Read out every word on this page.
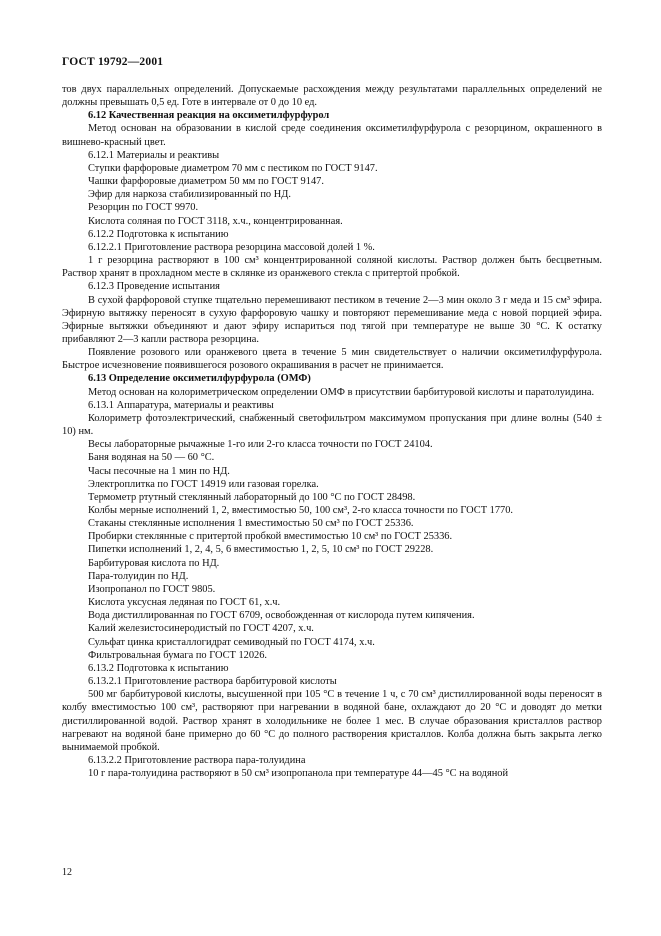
ГОСТ 19792—2001

тов двух параллельных определений. Допускаемые расхождения между результатами параллельных определений не должны превышать 0,5 ед. Готе в интервале от 0 до 10 ед.

6.12 Качественная реакция на оксиметилфурфурол

Метод основан на образовании в кислой среде соединения оксиметилфурфурола с резорцином, окрашенного в вишнево-красный цвет.

6.12.1 Материалы и реактивы

Ступки фарфоровые диаметром 70 мм с пестиком по ГОСТ 9147.

Чашки фарфоровые диаметром 50 мм по ГОСТ 9147.

Эфир для наркоза стабилизированный по НД.

Резорцин по ГОСТ 9970.

Кислота соляная по ГОСТ 3118, х.ч., концентрированная.

6.12.2 Подготовка к испытанию

6.12.2.1 Приготовление раствора резорцина массовой долей 1 %.

1 г резорцина растворяют в 100 см³ концентрированной соляной кислоты. Раствор должен быть бесцветным. Раствор хранят в прохладном месте в склянке из оранжевого стекла с притертой пробкой.

6.12.3 Проведение испытания

В сухой фарфоровой ступке тщательно перемешивают пестиком в течение 2—3 мин около 3 г меда и 15 см³ эфира. Эфирную вытяжку переносят в сухую фарфоровую чашку и повторяют перемешивание меда с новой порцией эфира. Эфирные вытяжки объединяют и дают эфиру испариться под тягой при температуре не выше 30 °С. К остатку прибавляют 2—3 капли раствора резорцина.

Появление розового или оранжевого цвета в течение 5 мин свидетельствует о наличии оксиметилфурфурола. Быстрое исчезновение появившегося розового окрашивания в расчет не принимается.

6.13 Определение оксиметилфурфурола (ОМФ)

Метод основан на колориметрическом определении ОМФ в присутствии барбитуровой кислоты и паратолуидина.

6.13.1 Аппаратура, материалы и реактивы

Колориметр фотоэлектрический, снабженный светофильтром максимумом пропускания при длине волны (540 ± 10) нм.

Весы лабораторные рычажные 1-го или 2-го класса точности по ГОСТ 24104.

Баня водяная на 50 — 60 °С.

Часы песочные на 1 мин по НД.

Электроплитка по ГОСТ 14919 или газовая горелка.

Термометр ртутный стеклянный лабораторный до 100 °С по ГОСТ 28498.

Колбы мерные исполнений 1, 2, вместимостью 50, 100 см³, 2-го класса точности по ГОСТ 1770.

Стаканы стеклянные исполнения 1 вместимостью 50 см³ по ГОСТ 25336.

Пробирки стеклянные с притертой пробкой вместимостью 10 см³ по ГОСТ 25336.

Пипетки исполнений 1, 2, 4, 5, 6 вместимостью 1, 2, 5, 10 см³ по ГОСТ 29228.

Барбитуровая кислота по НД.

Пара-толуидин по НД.

Изопропанол по ГОСТ 9805.

Кислота уксусная ледяная по ГОСТ 61, х.ч.

Вода дистиллированная по ГОСТ 6709, освобожденная от кислорода путем кипячения.

Калий железистосинеродистый по ГОСТ 4207, х.ч.

Сульфат цинка кристаллогидрат семиводный по ГОСТ 4174, х.ч.

Фильтровальная бумага по ГОСТ 12026.

6.13.2 Подготовка к испытанию

6.13.2.1 Приготовление раствора барбитуровой кислоты

500 мг барбитуровой кислоты, высушенной при 105 °С в течение 1 ч, с 70 см³ дистиллированной воды переносят в колбу вместимостью 100 см³, растворяют при нагревании в водяной бане, охлаждают до 20 °С и доводят до метки дистиллированной водой. Раствор хранят в холодильнике не более 1 мес. В случае образования кристаллов раствор нагревают на водяной бане примерно до 60 °С до полного растворения кристаллов. Колба должна быть закрыта легко вынимаемой пробкой.

6.13.2.2 Приготовление раствора пара-толуидина

10 г пара-толуидина растворяют в 50 см³ изопропанола при температуре 44—45 °С на водяной

12
